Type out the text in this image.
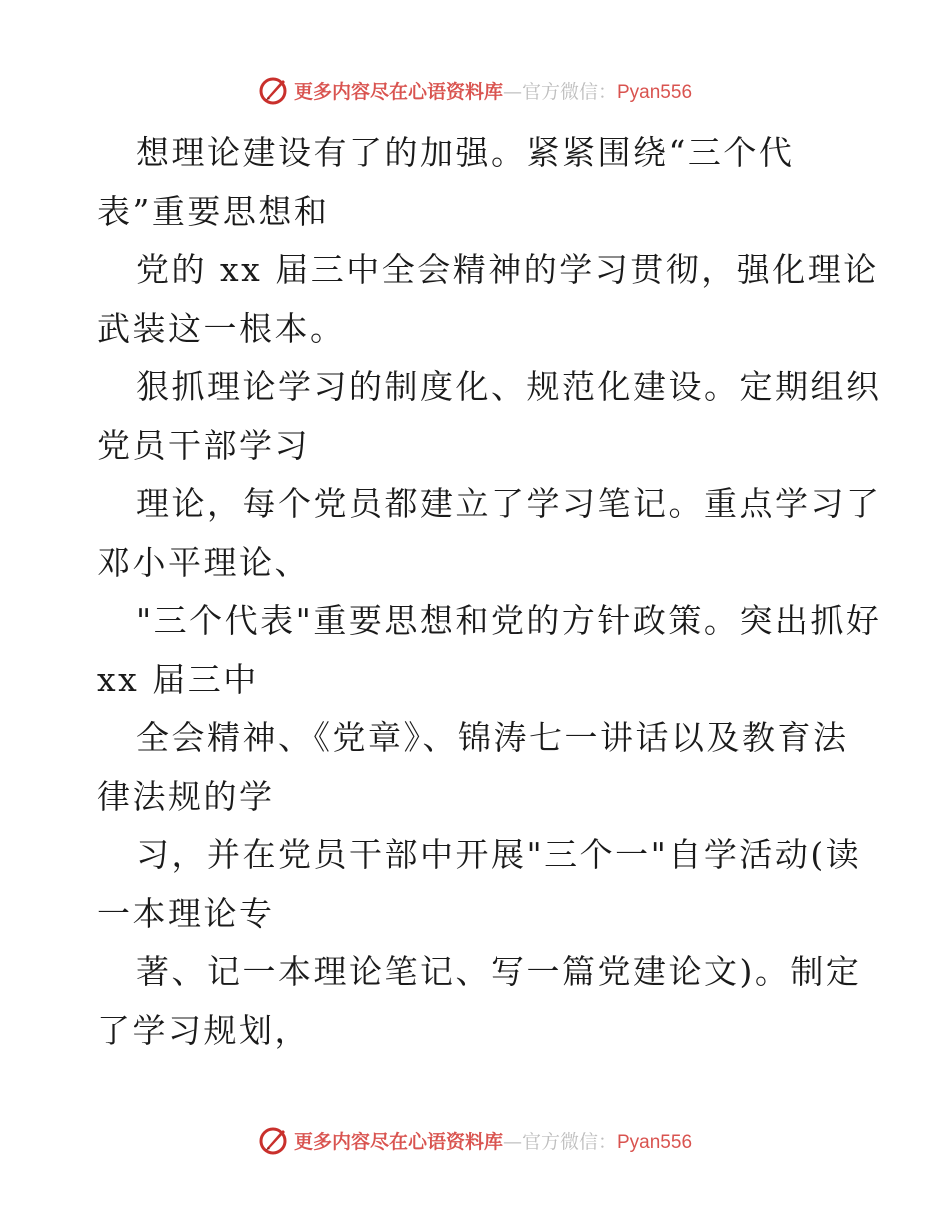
更多内容尽在心语资料库—官方微信：Pyan556
想理论建设有了的加强。紧紧围绕“三个代
表”重要思想和
党的 xx 届三中全会精神的学习贯彻，强化理论
武装这一根本。
狠抓理论学习的制度化、规范化建设。定期组织
党员干部学习
理论，每个党员都建立了学习笔记。重点学习了
邓小平理论、
"三个代表"重要思想和党的方针政策。突出抓好
xx 届三中
全会精神、《党章》、锦涛七一讲话以及教育法
律法规的学
习，并在党员干部中开展"三个一"自学活动(读
一本理论专
著、记一本理论笔记、写一篇党建论文)。制定
了学习规划，
更多内容尽在心语资料库—官方微信：Pyan556
